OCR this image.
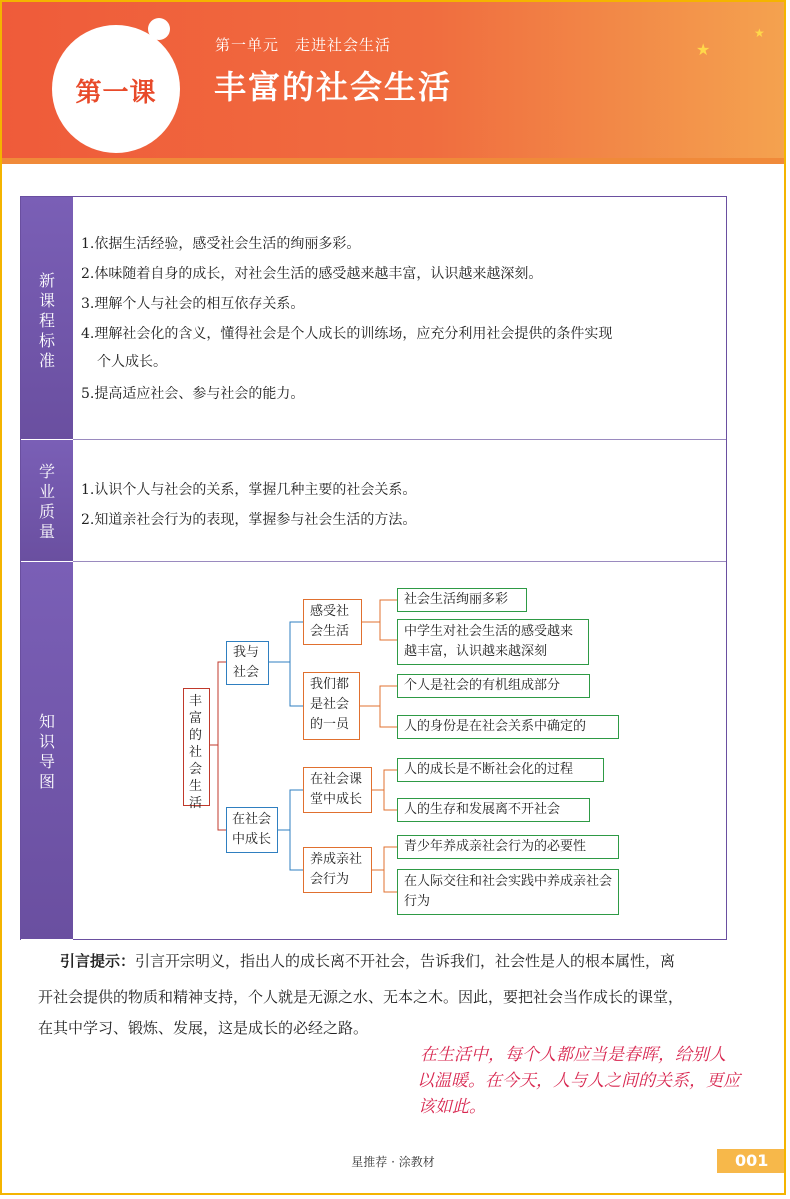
第一课
第一单元　走进社会生活
丰富的社会生活
★
★
新课程标准
1.依据生活经验，感受社会生活的绚丽多彩。
2.体味随着自身的成长，对社会生活的感受越来越丰富，认识越来越深刻。
3.理解个人与社会的相互依存关系。
4.理解社会化的含义，懂得社会是个人成长的训练场，应充分利用社会提供的条件实现
个人成长。
5.提高适应社会、参与社会的能力。
学业质量
1.认识个人与社会的关系，掌握几种主要的社会关系。
2.知道亲社会行为的表现，掌握参与社会生活的方法。
知识导图
丰富的社会生活
我与社会
在社会中成长
感受社会生活
我们都是社会的一员
在社会课堂中成长
养成亲社会行为
社会生活绚丽多彩
中学生对社会生活的感受越来越丰富，认识越来越深刻
个人是社会的有机组成部分
人的身份是在社会关系中确定的
人的成长是不断社会化的过程
人的生存和发展离不开社会
青少年养成亲社会行为的必要性
在人际交往和社会实践中养成亲社会行为
引言提示：引言开宗明义，指出人的成长离不开社会，告诉我们，社会性是人的根本属性，离
开社会提供的物质和精神支持，个人就是无源之水、无本之木。因此，要把社会当作成长的课堂，
在其中学习、锻炼、发展，这是成长的必经之路。
在生活中，每个人都应当是春晖，给别人
以温暖。在今天，人与人之间的关系，更应
该如此。
星推荐 · 涂教材	001
